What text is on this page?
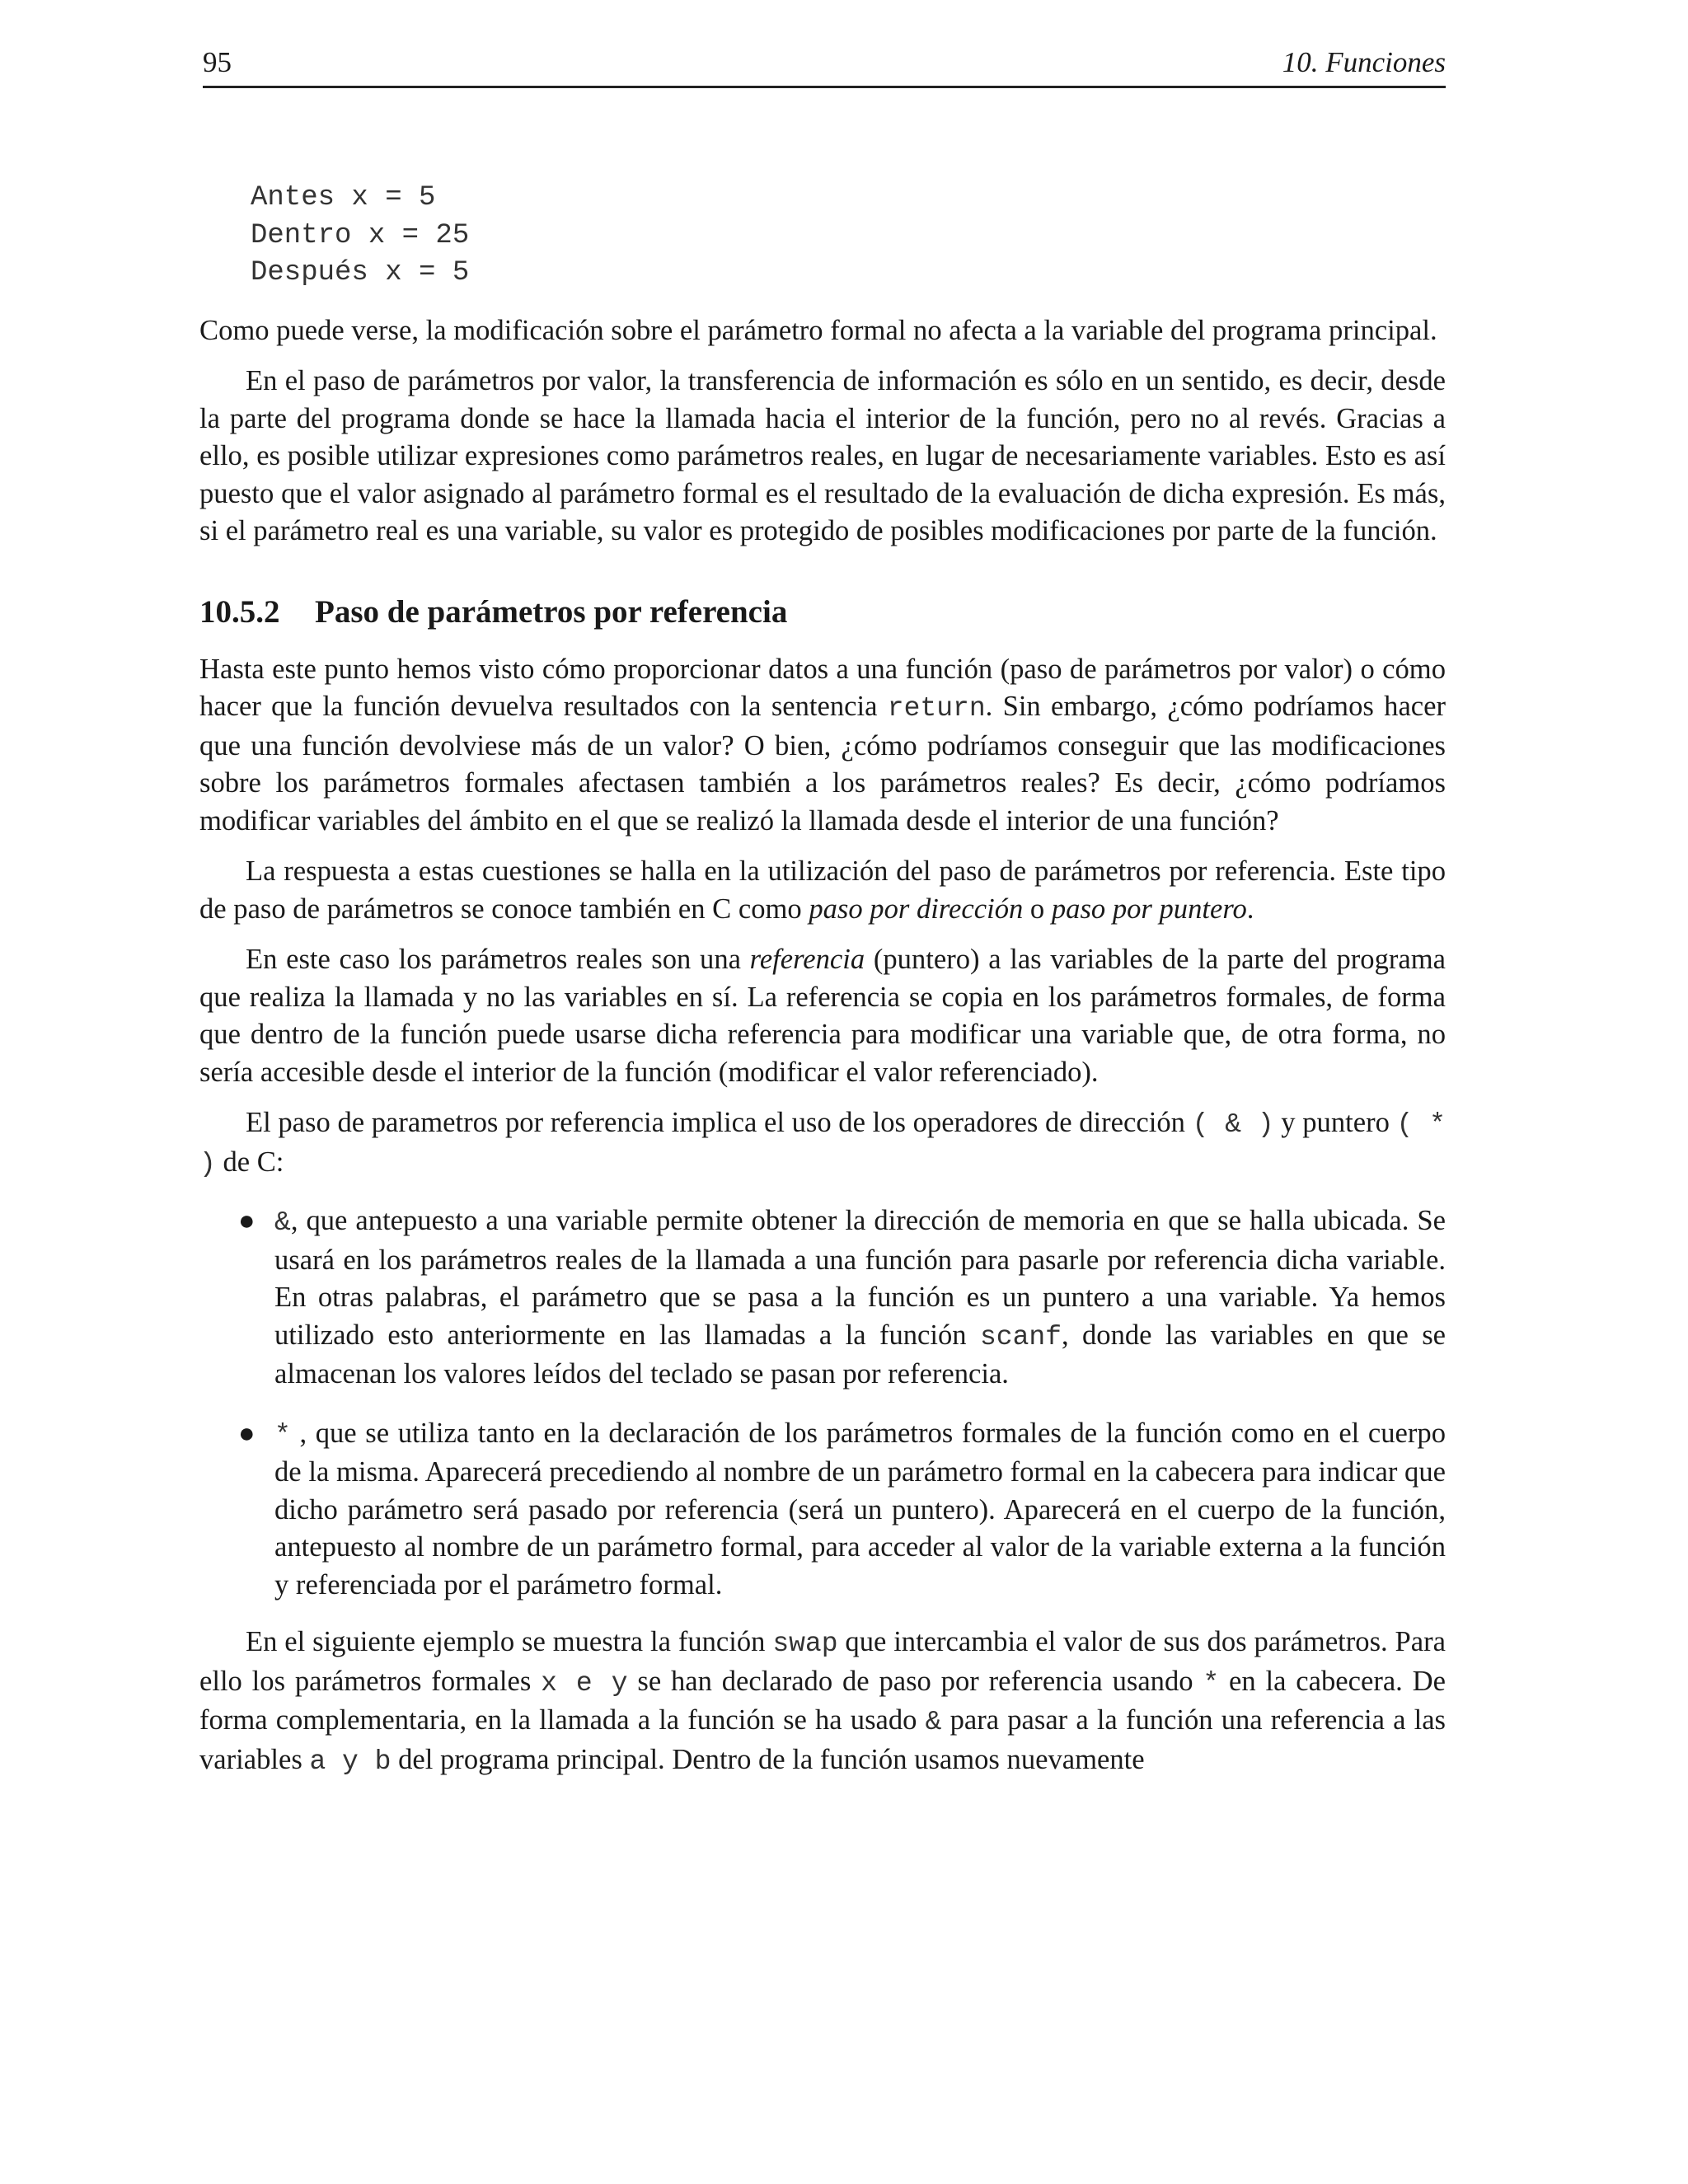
95	10. Funciones
Antes x = 5
Dentro x = 25
Después x = 5

Como puede verse, la modificación sobre el parámetro formal no afecta a la variable del programa principal.

En el paso de parámetros por valor, la transferencia de información es sólo en un sentido, es decir, desde la parte del programa donde se hace la llamada hacia el interior de la función, pero no al revés. Gracias a ello, es posible utilizar expresiones como parámetros reales, en lugar de necesariamente variables. Esto es así puesto que el valor asignado al parámetro formal es el resultado de la evaluación de dicha expresión. Es más, si el parámetro real es una variable, su valor es protegido de posibles modificaciones por parte de la función.

10.5.2 Paso de parámetros por referencia

Hasta este punto hemos visto cómo proporcionar datos a una función (paso de parámetros por valor) o cómo hacer que la función devuelva resultados con la sentencia return. Sin embargo, ¿cómo podríamos hacer que una función devolviese más de un valor? O bien, ¿cómo podríamos conseguir que las modificaciones sobre los parámetros formales afectasen también a los parámetros reales? Es decir, ¿cómo podríamos modificar variables del ámbito en el que se realizó la llamada desde el interior de una función?

La respuesta a estas cuestiones se halla en la utilización del paso de parámetros por referencia. Este tipo de paso de parámetros se conoce también en C como paso por dirección o paso por puntero.

En este caso los parámetros reales son una referencia (puntero) a las variables de la parte del programa que realiza la llamada y no las variables en sí. La referencia se copia en los parámetros formales, de forma que dentro de la función puede usarse dicha referencia para modificar una variable que, de otra forma, no sería accesible desde el interior de la función (modificar el valor referenciado).

El paso de parametros por referencia implica el uso de los operadores de dirección ( & ) y puntero ( * ) de C:

● &, que antepuesto a una variable permite obtener la dirección de memoria en que se halla ubicada. Se usará en los parámetros reales de la llamada a una función para pasarle por referencia dicha variable. En otras palabras, el parámetro que se pasa a la función es un puntero a una variable. Ya hemos utilizado esto anteriormente en las llamadas a la función scanf, donde las variables en que se almacenan los valores leídos del teclado se pasan por referencia.
● * , que se utiliza tanto en la declaración de los parámetros formales de la función como en el cuerpo de la misma. Aparecerá precediendo al nombre de un parámetro formal en la cabecera para indicar que dicho parámetro será pasado por referencia (será un puntero). Aparecerá en el cuerpo de la función, antepuesto al nombre de un parámetro formal, para acceder al valor de la variable externa a la función y referenciada por el parámetro formal.

En el siguiente ejemplo se muestra la función swap que intercambia el valor de sus dos parámetros. Para ello los parámetros formales x e y se han declarado de paso por referencia usando * en la cabecera. De forma complementaria, en la llamada a la función se ha usado & para pasar a la función una referencia a las variables a y b del programa principal. Dentro de la función usamos nuevamente
